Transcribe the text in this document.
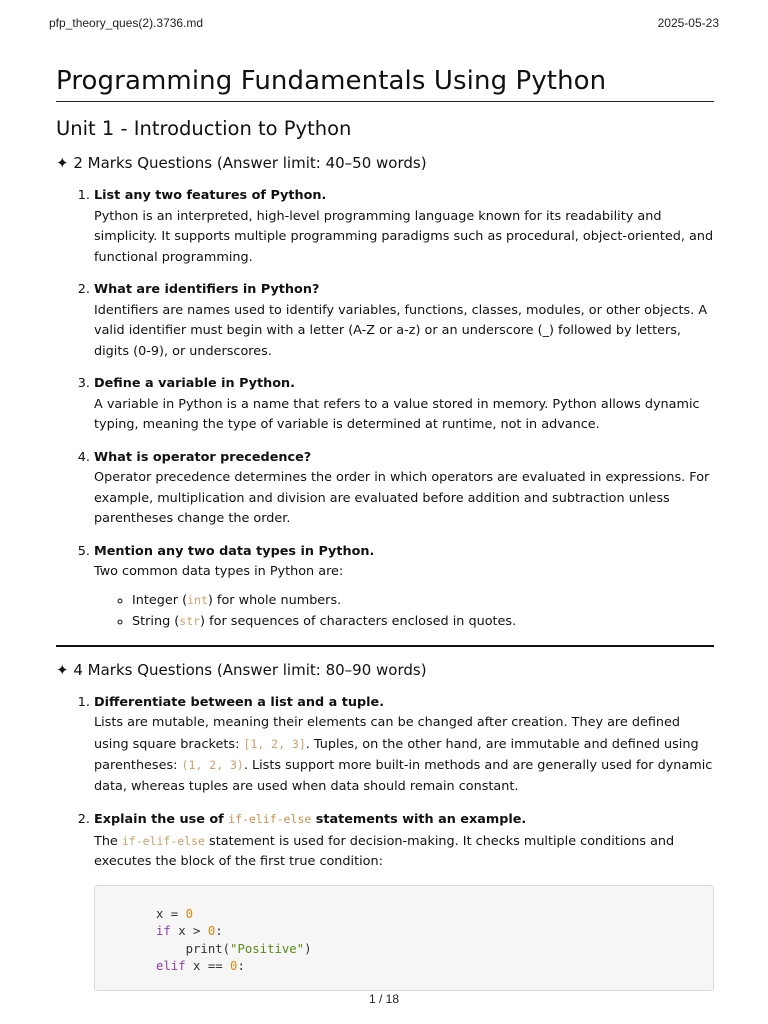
pfp_theory_ques(2).3736.md	2025-05-23
Programming Fundamentals Using Python
Unit 1 - Introduction to Python
✦ 2 Marks Questions (Answer limit: 40–50 words)
1. List any two features of Python.
Python is an interpreted, high-level programming language known for its readability and simplicity. It supports multiple programming paradigms such as procedural, object-oriented, and functional programming.
2. What are identifiers in Python?
Identifiers are names used to identify variables, functions, classes, modules, or other objects. A valid identifier must begin with a letter (A-Z or a-z) or an underscore (_) followed by letters, digits (0-9), or underscores.
3. Define a variable in Python.
A variable in Python is a name that refers to a value stored in memory. Python allows dynamic typing, meaning the type of variable is determined at runtime, not in advance.
4. What is operator precedence?
Operator precedence determines the order in which operators are evaluated in expressions. For example, multiplication and division are evaluated before addition and subtraction unless parentheses change the order.
5. Mention any two data types in Python.
Two common data types in Python are:
◦ Integer (int) for whole numbers.
◦ String (str) for sequences of characters enclosed in quotes.
✦ 4 Marks Questions (Answer limit: 80–90 words)
1. Differentiate between a list and a tuple.
Lists are mutable, meaning their elements can be changed after creation. They are defined using square brackets: [1, 2, 3]. Tuples, on the other hand, are immutable and defined using parentheses: (1, 2, 3). Lists support more built-in methods and are generally used for dynamic data, whereas tuples are used when data should remain constant.
2. Explain the use of if-elif-else statements with an example.
The if-elif-else statement is used for decision-making. It checks multiple conditions and executes the block of the first true condition:
x = 0
if x > 0:
print("Positive")
elif x == 0:
1 / 18
